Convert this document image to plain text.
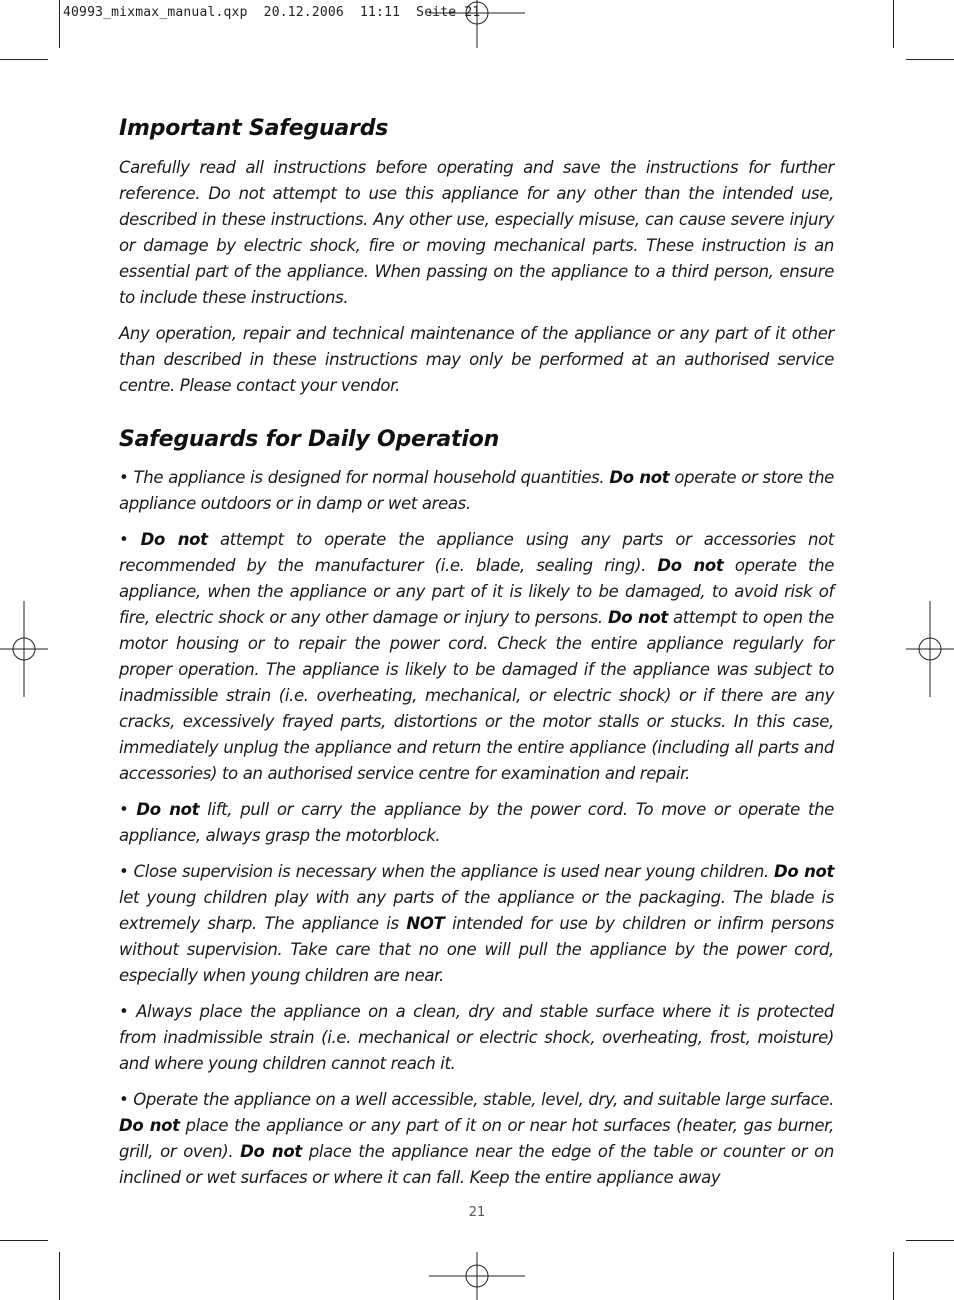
40993_mixmax_manual.qxp  20.12.2006  11:11  Seite 21
Important Safeguards

Carefully read all instructions before operating and save the instructions for further reference. Do not attempt to use this appliance for any other than the intended use, described in these instructions. Any other use, especially misuse, can cause severe injury or damage by electric shock, fire or moving mechanical parts. These instruction is an essential part of the appliance. When passing on the appliance to a third person, ensure to include these instructions.

Any operation, repair and technical maintenance of the appliance or any part of it other than described in these instructions may only be performed at an authorised service centre. Please contact your vendor.

Safeguards for Daily Operation

• The appliance is designed for normal household quantities. Do not operate or store the appliance outdoors or in damp or wet areas.

• Do not attempt to operate the appliance using any parts or accessories not recommended by the manufacturer (i.e. blade, sealing ring). Do not operate the appliance, when the appliance or any part of it is likely to be damaged, to avoid risk of fire, electric shock or any other damage or injury to persons. Do not attempt to open the motor housing or to repair the power cord. Check the entire appliance regularly for proper operation. The appliance is likely to be damaged if the appliance was subject to inadmissible strain (i.e. overheating, mechanical, or electric shock) or if there are any cracks, excessively frayed parts, distortions or the motor stalls or stucks. In this case, immediately unplug the appliance and return the entire appliance (including all parts and accessories) to an authorised service centre for examination and repair.

• Do not lift, pull or carry the appliance by the power cord. To move or operate the appliance, always grasp the motorblock.

• Close supervision is necessary when the appliance is used near young children. Do not let young children play with any parts of the appliance or the packaging. The blade is extremely sharp. The appliance is NOT intended for use by children or infirm persons without supervision. Take care that no one will pull the appliance by the power cord, especially when young children are near.

• Always place the appliance on a clean, dry and stable surface where it is protected from inadmissible strain (i.e. mechanical or electric shock, overheating, frost, moisture) and where young children cannot reach it.

• Operate the appliance on a well accessible, stable, level, dry, and suitable large surface. Do not place the appliance or any part of it on or near hot surfaces (heater, gas burner, grill, or oven). Do not place the appliance near the edge of the table or counter or on inclined or wet surfaces or where it can fall. Keep the entire appliance away

21
